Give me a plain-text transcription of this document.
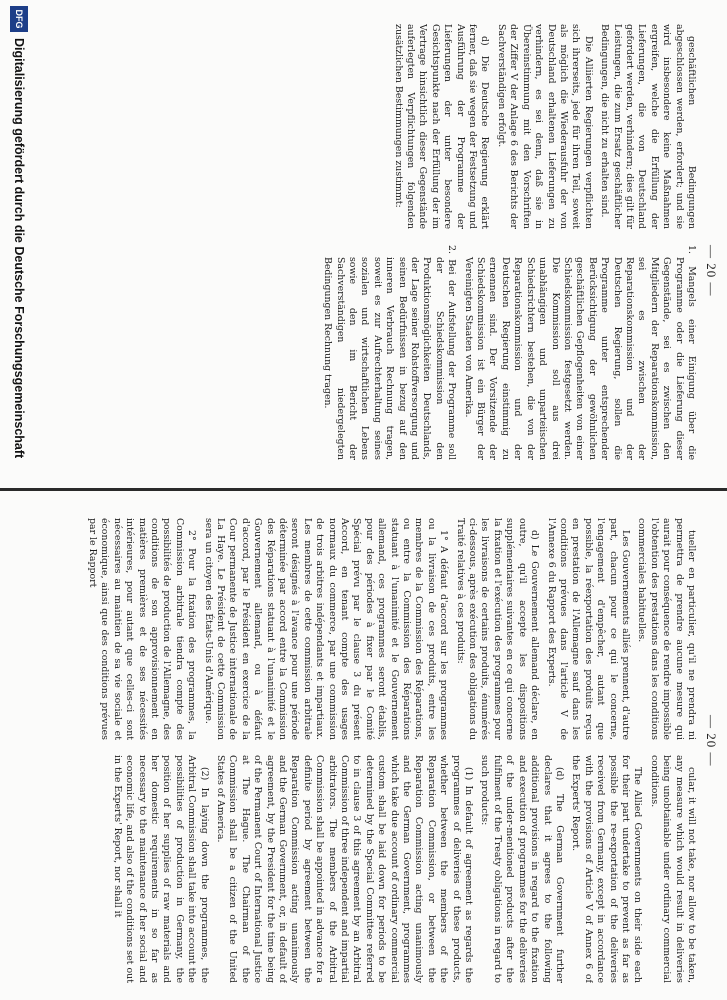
— 20 —

geschäftlichen Bedingungen abgeschlossen werden, erfordert; und sie wird insbesondere keine Maßnahmen ergreifen, welche die Erfüllung der Lieferungen, die von Deutschland gefordert werden, verhindern; dies gilt für Leistungen, die zum Ersatz geschäftlicher Bedingungen, die nicht zu erhalten sind.

Die Alliierten Regierungen verpflichten sich ihrerseits, jede für ihren Teil, soweit als möglich die Wiederausfuhr der von Deutschland erhaltenen Lieferungen zu verhindern, es sei denn, daß sie in Übereinstimmung mit den Vorschriften der Ziffer V der Anlage 6 des Berichts der Sachverständigen erfolgt.

d) Die Deutsche Regierung erklärt ferner, daß sie wegen der Festsetzung und Ausführung der Programme der Lieferungen der unter besondere Gesichtspunkte nach der Erfüllung der im Vertrage hinsichtlich dieser Gegenstände auferlegten Verpflichtungen folgenden zusätzlichen Bestimmungen zustimmt:

1. Mangels einer Einigung über die Programme oder die Lieferung dieser Gegenstände, sei es zwischen den Mitgliedern der Reparationskommission, sei es zwischen der Reparationskommission und der Deutschen Regierung, sollen die Programme unter entsprechender Berücksichtigung der gewöhnlichen geschäftlichen Gepflogenheiten von einer Schiedskommission festgesetzt werden. Die Kommission soll aus drei unabhängigen und unparteiischen Schiedsrichtern bestehen, die von der Reparationskommission und der Deutschen Regierung einstimmig zu ernennen sind. Der Vorsitzende der Schiedskommission ist ein Bürger der Vereinigten Staaten von Amerika.

2. Bei der Aufstellung der Programme soll der Schiedskommission den Produktionsmöglichkeiten Deutschlands, der Lage seiner Rohstoffversorgung und seinen Bedürfnissen in bezug auf den inneren Verbrauch Rechnung tragen, soweit es zur Aufrechterhaltung seines sozialen und wirtschaftlichen Lebens sowie den im Bericht der Sachverständigen niedergelegten Bedingungen Rechnung tragen.

DFG
Digitalisierung gefördert durch die Deutsche Forschungsgemeinschaft
— 20 —

tueller en particulier, qu'il ne prendra ni permettra de prendre aucune mesure qui aurait pour conséquence de rendre impossible l'obtention des prestations dans les conditions commerciales habituelles.

Les Gouvernements alliés prennent, d'autre part, chacun pour ce qui le concerne, l'engagement d'empêcher, autant que possible, la réexportation des produits reçus en prestation de l'Allemagne sauf dans les conditions prévues dans l'article V de l'Annexe 6 du Rapport des Experts.

d) Le Gouvernement allemand déclare, en outre, qu'il accepte les dispositions supplémentaires suivantes en ce qui concerne la fixation et l'exécution des programmes pour les livraisons de certains produits, énumérés ci-dessous, après exécution des obligations du Traité relatives à ces produits:

1° A défaut d'accord sur les programmes ou la livraison de ces produits, entre les membres de la Commission des Réparations, ou entre la Commission des Réparations statuant à l'unanimité et le Gouvernement allemand, ces programmes seront établis, pour des périodes à fixer par le Comité Spécial prévu par le clause 3 du présent Accord, en tenant compte des usages normaux du commerce, par une commission de trois arbitres indépendants et impartiaux. Les membres de cette commission arbitrale seront désignés à l'avance pour une période déterminée par accord entre la Commission des Réparations statuant à l'unanimité et le Gouvernement allemand, ou à défaut d'accord, par le Président en exercice de la Cour permanente de Justice internationale de La Haye. Le Président de cette Commission sera un citoyen des États-Unis d'Amérique.

2° Pour la fixation des programmes, la Commission arbitrale tiendra compte des possibilités de production de l'Allemagne, des conditions de son approvisionnement en matières premières et de ses nécessités intérieures, pour autant que celles-ci sont nécessaires au maintien de sa vie sociale et économique, ainsi que des conditions prévues par le Rapport

cular, it will not take, nor allow to be taken, any measure which would result in deliveries being unobtainable under ordinary commercial conditions.

The Allied Governments on their side each for their part undertake to prevent as far as possible the re-exportation of the deliveries received from Germany, except in accordance with the provisions of Article V of Annex 6 of the Experts' Report.

(d) The German Government further declares that it agrees to the following additional provisions in regard to the fixation and execution of programmes for the deliveries of the under-mentioned products after the fulfilment of the Treaty obligations in regard to such products:

(1) In default of agreement as regards the programmes of deliveries of these products, whether between the members of the Reparation Commission, or between the Reparation Commission acting unanimously and the German Government, programmes which take due account of ordinary commercial custom shall be laid down for periods to be determined by the Special Committee referred to in clause 3 of this agreement by an Arbitral Commission of three independent and impartial arbitrators. The members of the Arbitral Commission shall be appointed in advance for a definite period by agreement between the Reparation Commission acting unanimously and the German Government, or, in default of agreement, by the President for the time being of the Permanent Court of International Justice at The Hague. The Chairman of the Commission shall be a citizen of the United States of America.

(2) In laying down the programmes, the Arbitral Commission shall take into account the possibilities of production in Germany, the position of her supplies of raw materials and her domestic requirements in so far as necessary to the maintenance of her social and economic life, and also of the conditions set out in the Experts' Report, nor shall it
